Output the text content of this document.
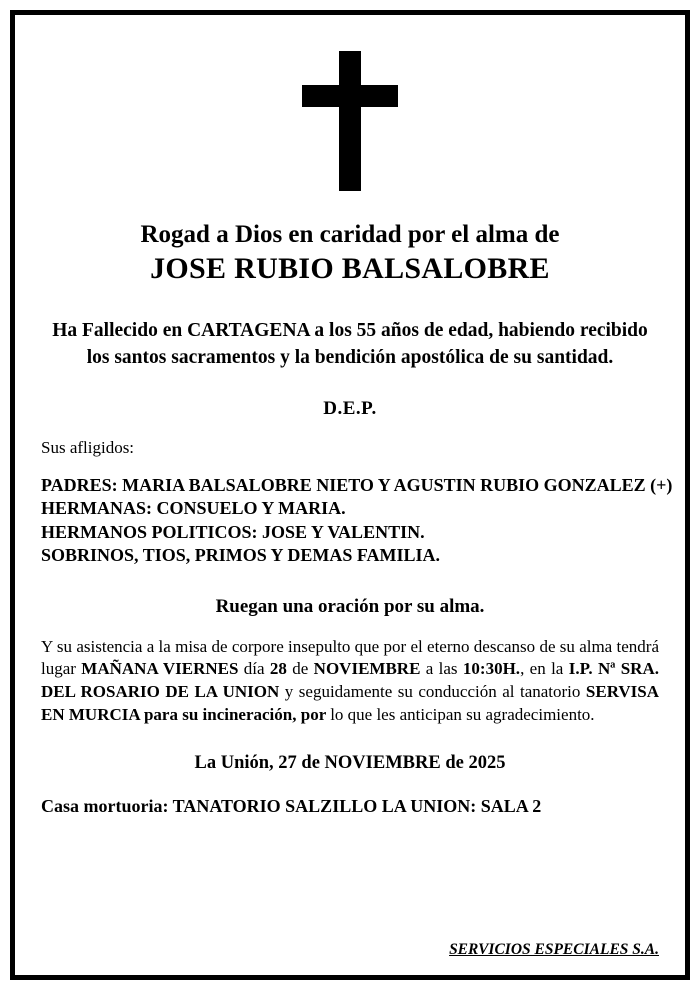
Rogad a Dios en caridad por el alma de
JOSE RUBIO BALSALOBRE
Ha Fallecido en CARTAGENA a los 55 años de edad, habiendo recibido los santos sacramentos y la bendición apostólica de su santidad.
D.E.P.
Sus afligidos:
PADRES: MARIA BALSALOBRE NIETO Y AGUSTIN RUBIO GONZALEZ (+)
HERMANAS: CONSUELO Y MARIA.
HERMANOS POLITICOS: JOSE Y VALENTIN.
SOBRINOS, TIOS, PRIMOS Y DEMAS FAMILIA.
Ruegan una oración por su alma.
Y su asistencia a la misa de corpore insepulto que por el eterno descanso de su alma tendrá lugar MAÑANA VIERNES día 28 de NOVIEMBRE a las 10:30H., en la I.P. Nª SRA. DEL ROSARIO DE LA UNION y seguidamente su conducción al tanatorio SERVISA EN MURCIA para su incineración, por lo que les anticipan su agradecimiento.
La Unión, 27 de NOVIEMBRE de 2025
Casa mortuoria: TANATORIO SALZILLO LA UNION: SALA 2
SERVICIOS ESPECIALES S.A.
